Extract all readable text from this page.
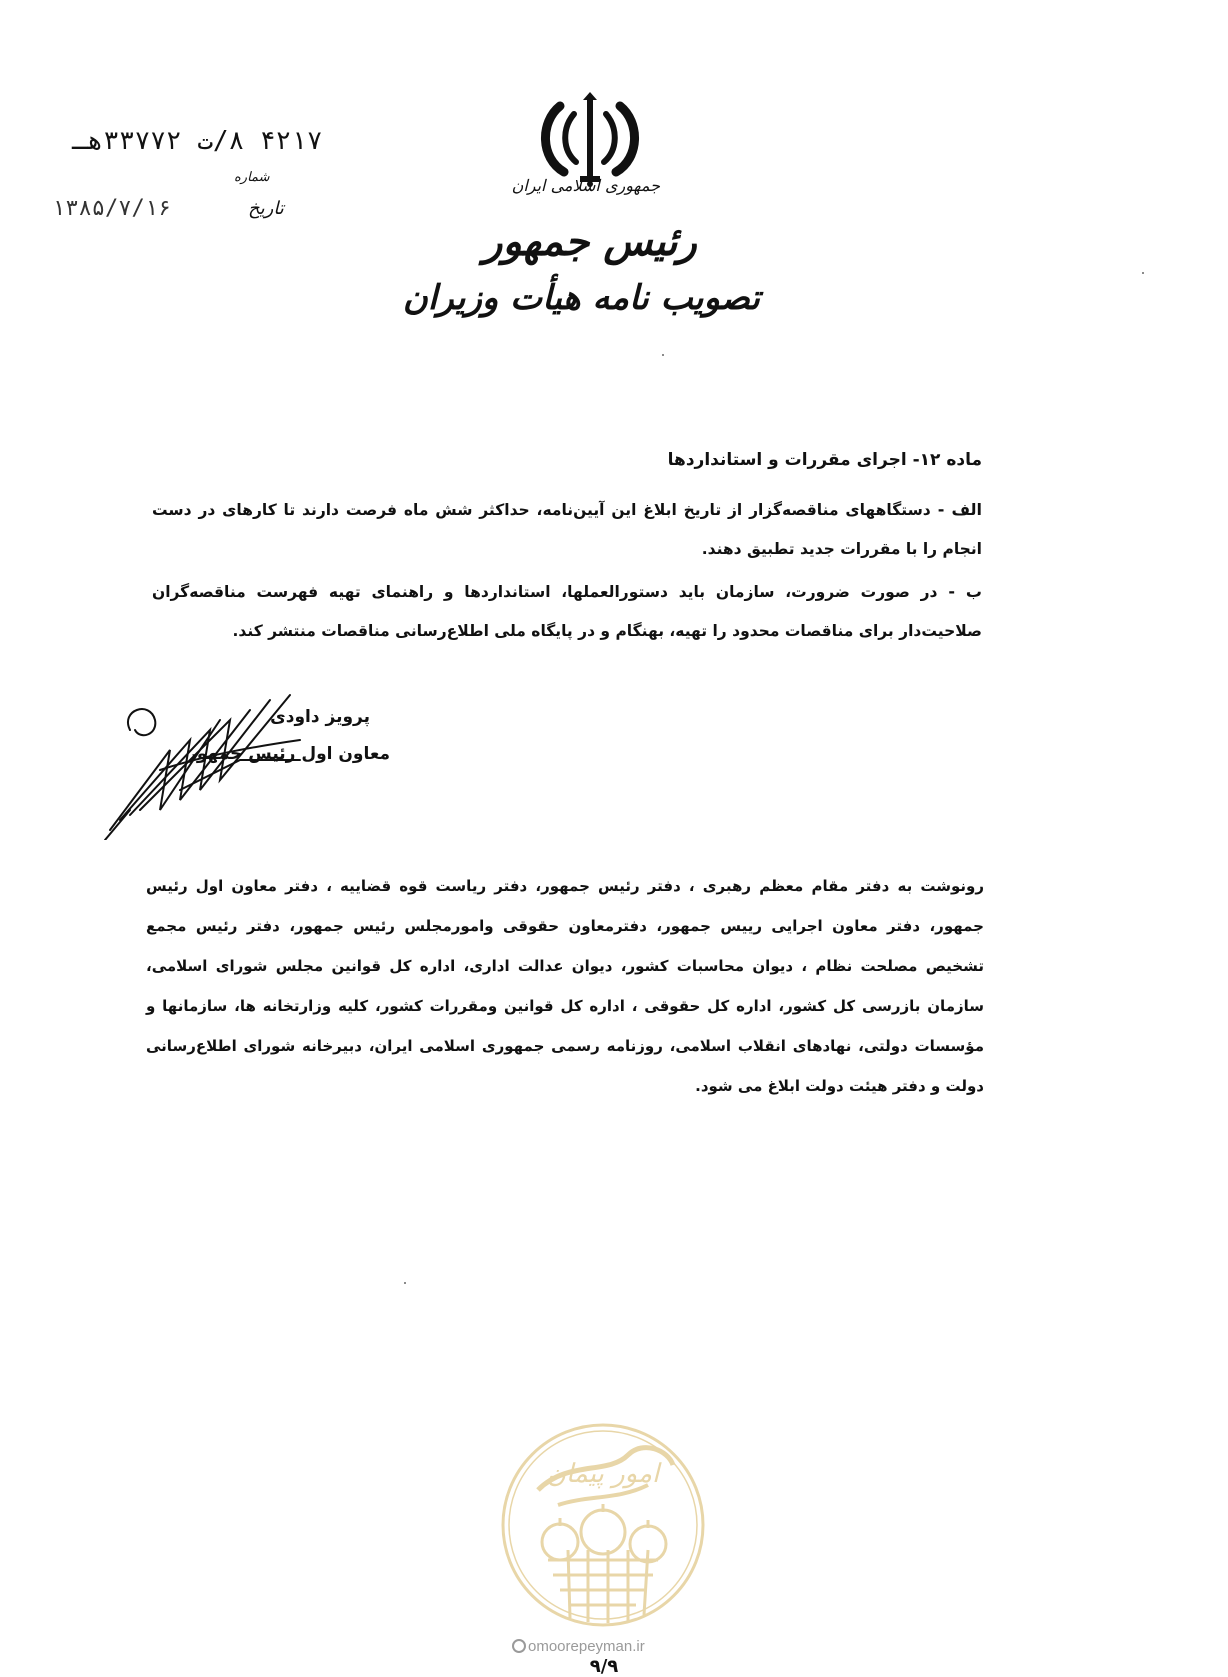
جمهوری اسلامی ایران
رئیس جمهور
تصویب نامه هیأت وزیران
۴۲۱۷ ۸/ت ۳۳۷۷۲هـ
شماره
۱۳۸۵/۷/۱۶	تاریخ
ماده ۱۲- اجرای مقررات و استانداردها
الف - دستگاههای مناقصه‌گزار از تاریخ ابلاغ این آیین‌نامه، حداکثر شش ماه فرصت دارند تا کارهای در دست انجام را با مقررات جدید تطبیق دهند.
ب - در صورت ضرورت، سازمان باید دستورالعملها، استانداردها و راهنمای تهیه فهرست مناقصه‌گران صلاحیت‌دار برای مناقصات محدود را تهیه، بهنگام و در پایگاه ملی اطلاع‌رسانی مناقصات منتشر کند.
پرویز داودی
معاون اول رئیس جمهور
رونوشت به دفتر مقام معظم رهبری ، دفتر رئیس جمهور، دفتر ریاست قوه قضاییه ، دفتر معاون اول رئیس جمهور، دفتر معاون اجرایی رییس جمهور، دفترمعاون حقوقی وامورمجلس رئیس جمهور، دفتر رئیس مجمع تشخیص مصلحت نظام ، دیوان محاسبات کشور، دیوان عدالت اداری، اداره کل قوانین مجلس شورای اسلامی، سازمان بازرسی کل کشور، اداره کل حقوقی ، اداره کل قوانین ومقررات کشور، کلیه وزارتخانه ها، سازمانها و مؤسسات دولتی، نهادهای انقلاب اسلامی، روزنامه رسمی جمهوری اسلامی ایران، دبیرخانه شورای اطلاع‌رسانی دولت و دفتر هیئت دولت ابلاغ می شود.
امور پیمان
omoorepeyman.ir
۹/۹
